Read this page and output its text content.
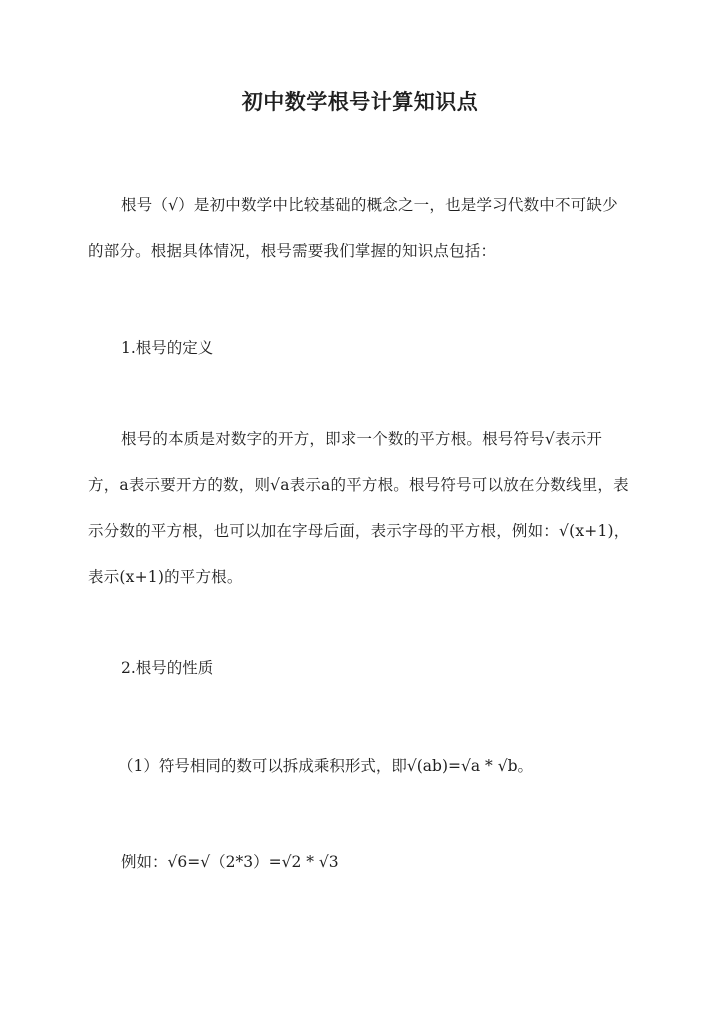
初中数学根号计算知识点

根号（√）是初中数学中比较基础的概念之一，也是学习代数中不可缺少的部分。根据具体情况，根号需要我们掌握的知识点包括：

1.根号的定义

根号的本质是对数字的开方，即求一个数的平方根。根号符号√表示开方，a表示要开方的数，则√a表示a的平方根。根号符号可以放在分数线里，表示分数的平方根，也可以加在字母后面，表示字母的平方根，例如：√(x+1)，表示(x+1)的平方根。

2.根号的性质
（1）符号相同的数可以拆成乘积形式，即√(ab)=√a * √b。
例如：√6=√（2*3）=√2 * √3
